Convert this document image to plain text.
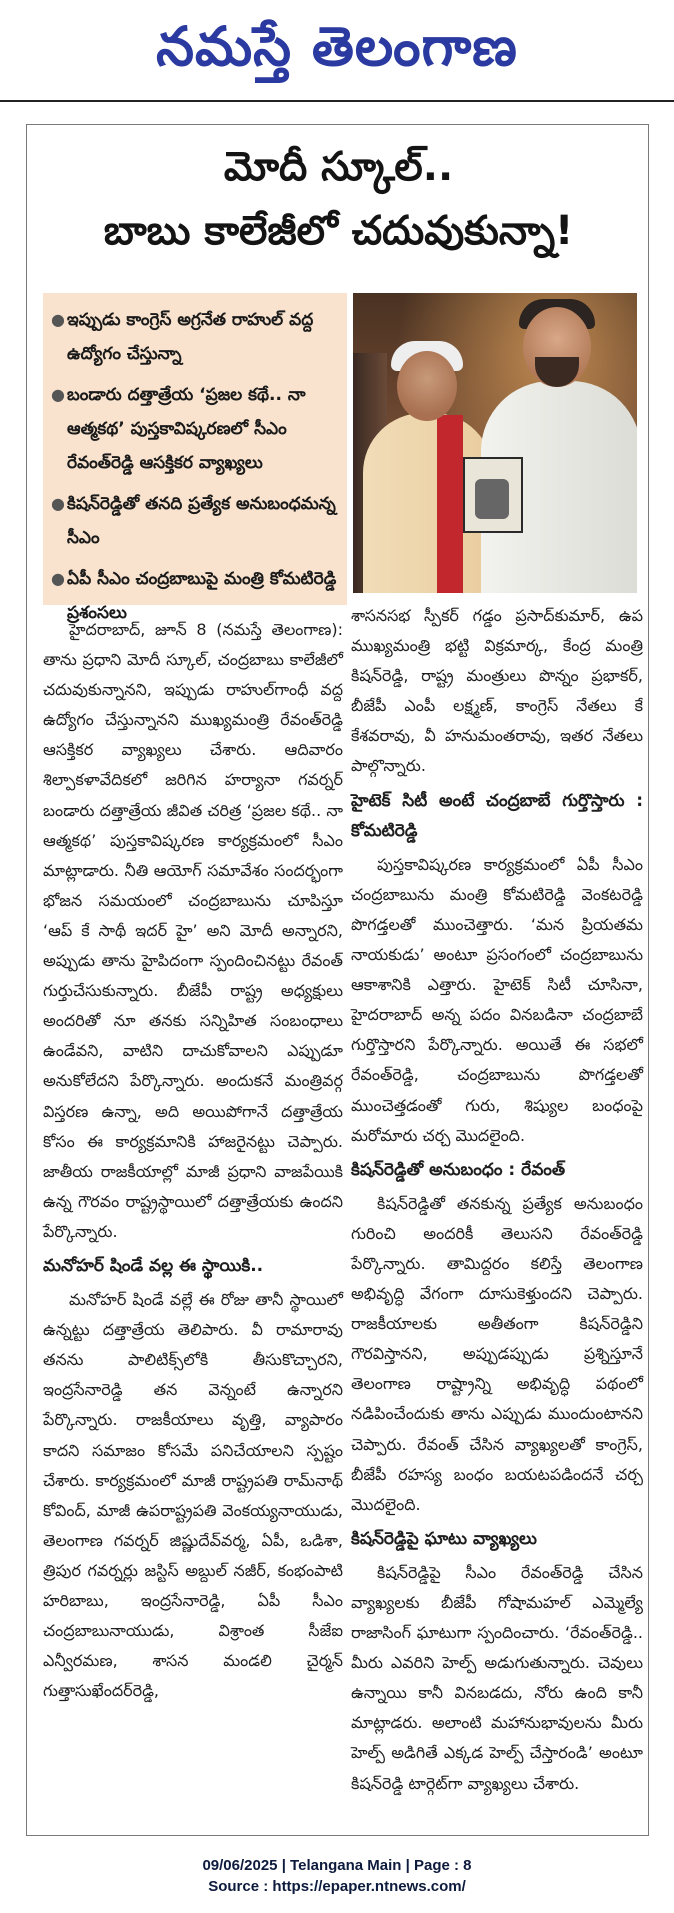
నమస్తే తెలంగాణ
మోదీ స్కూల్..
బాబు కాలేజీలో చదువుకున్నా!
● ఇప్పుడు కాంగ్రెస్ అగ్రనేత రాహుల్ వద్ద ఉద్యోగం చేస్తున్నా
● బండారు దత్తాత్రేయ ‘ప్రజల కథే.. నా ఆత్మకథ’ పుస్తకావిష్కరణలో సీఎం రేవంత్‌రెడ్డి ఆసక్తికర వ్యాఖ్యలు
● కిషన్‌రెడ్డితో తనది ప్రత్యేక అనుబంధమన్న సీఎం
● ఏపీ సీఎం చంద్రబాబుపై మంత్రి కోమటిరెడ్డి ప్రశంసలు

హైదరాబాద్, జూన్ 8 (నమస్తే తెలంగాణ): తాను ప్రధాని మోదీ స్కూల్, చంద్రబాబు కాలేజీలో చదువుకున్నానని, ఇప్పుడు రాహుల్‌గాంధీ వద్ద ఉద్యోగం చేస్తున్నానని ముఖ్యమంత్రి రేవంత్‌రెడ్డి ఆసక్తికర వ్యాఖ్యలు చేశారు. ఆదివారం శిల్పాకళావేదికలో జరిగిన హర్యానా గవర్నర్ బండారు దత్తాత్రేయ జీవిత చరిత్ర ‘ప్రజల కథే.. నా ఆత్మకథ’ పుస్తకావిష్కరణ కార్యక్రమంలో సీఎం మాట్లాడారు. నీతి ఆయోగ్ సమావేశం సందర్భంగా భోజన సమయంలో చంద్రబాబును చూపిస్తూ ‘ఆప్ కే సాథీ ఇదర్ హై’ అని మోదీ అన్నారని, అప్పుడు తాను హైపిదంగా స్పందించినట్టు రేవంత్ గుర్తుచేసుకున్నారు. బీజేపీ రాష్ట్ర అధ్యక్షులు అందరితో నూ తనకు సన్నిహిత సంబంధాలు ఉండేవని, వాటిని దాచుకోవాలని ఎప్పుడూ అనుకోలేదని పేర్కొన్నారు. అందుకనే మంత్రివర్గ విస్తరణ ఉన్నా, అది అయిపోగానే దత్తాత్రేయ కోసం ఈ కార్యక్రమానికి హాజరైనట్టు చెప్పారు. జాతీయ రాజకీయాల్లో మాజీ ప్రధాని వాజపేయికి ఉన్న గౌరవం రాష్ట్రస్థాయిలో దత్తాత్రేయకు ఉందని పేర్కొన్నారు.

మనోహర్ షిండే వల్ల ఈ స్థాయికి..

మనోహర్ షిండే వల్లే ఈ రోజు తానీ స్థాయిలో ఉన్నట్టు దత్తాత్రేయ తెలిపారు. వీ రామారావు తనను పాలిటిక్స్‌లోకి తీసుకొచ్చారని, ఇంద్రసేనారెడ్డి తన వెన్నంటే ఉన్నారని పేర్కొన్నారు. రాజకీయాలు వృత్తి, వ్యాపారం కాదని సమాజం కోసమే పనిచేయాలని స్పష్టం చేశారు. కార్యక్రమంలో మాజీ రాష్ట్రపతి రామ్‌నాథ్ కోవింద్, మాజీ ఉపరాష్ట్రపతి వెంకయ్యనాయుడు, తెలంగాణ గవర్నర్ జిష్ణుదేవ్‌వర్మ, ఏపీ, ఒడిశా, త్రిపుర గవర్నర్లు జస్టిస్ అబ్దుల్ నజీర్, కంభంపాటి హరిబాబు, ఇంద్రసేనారెడ్డి, ఏపీ సీఎం చంద్రబాబునాయుడు, విశ్రాంత సీజేఐ ఎన్వీరమణ, శాసన మండలి చైర్మన్ గుత్తాసుఖేందర్‌రెడ్డి,

శాసనసభ స్పీకర్ గడ్డం ప్రసాద్‌కుమార్, ఉప ముఖ్యమంత్రి భట్టి విక్రమార్క, కేంద్ర మంత్రి కిషన్‌రెడ్డి, రాష్ట్ర మంత్రులు పొన్నం ప్రభాకర్, బీజేపీ ఎంపీ లక్ష్మణ్, కాంగ్రెస్ నేతలు కే కేశవరావు, వీ హనుమంతరావు, ఇతర నేతలు పాల్గొన్నారు.

హైటెక్ సిటీ అంటే చంద్రబాబే గుర్తొస్తారు : కోమటిరెడ్డి

పుస్తకావిష్కరణ కార్యక్రమంలో ఏపీ సీఎం చంద్రబాబును మంత్రి కోమటిరెడ్డి వెంకటరెడ్డి పొగడ్తలతో ముంచెత్తారు. ‘మన ప్రియతమ నాయకుడు’ అంటూ ప్రసంగంలో చంద్రబాబును ఆకాశానికి ఎత్తారు. హైటెక్ సిటీ చూసినా, హైదరాబాద్ అన్న పదం వినబడినా చంద్రబాబే గుర్తొస్తారని పేర్కొన్నారు. అయితే ఈ సభలో రేవంత్‌రెడ్డి, చంద్రబాబును పొగడ్తలతో ముంచెత్తడంతో గురు, శిష్యుల బంధంపై మరోమారు చర్చ మొదలైంది.

కిషన్‌రెడ్డితో అనుబంధం : రేవంత్

కిషన్‌రెడ్డితో తనకున్న ప్రత్యేక అనుబంధం గురించి అందరికీ తెలుసని రేవంత్‌రెడ్డి పేర్కొన్నారు. తామిద్దరం కలిస్తే తెలంగాణ అభివృద్ధి వేగంగా దూసుకెళ్తుందని చెప్పారు. రాజకీయాలకు అతీతంగా కిషన్‌రెడ్డిని గౌరవిస్తానని, అప్పుడప్పుడు ప్రశ్నిస్తూనే తెలంగాణ రాష్ట్రాన్ని అభివృద్ధి పథంలో నడిపించేందుకు తాను ఎప్పుడు ముందుంటానని చెప్పారు. రేవంత్ చేసిన వ్యాఖ్యలతో కాంగ్రెస్, బీజేపీ రహస్య బంధం బయటపడిందనే చర్చ మొదలైంది.

కిషన్‌రెడ్డిపై ఘాటు వ్యాఖ్యలు

కిషన్‌రెడ్డిపై సీఎం రేవంత్‌రెడ్డి చేసిన వ్యాఖ్యలకు బీజేపీ గోషామహల్ ఎమ్మెల్యే రాజాసింగ్ ఘాటుగా స్పందించారు. ‘రేవంత్‌రెడ్డి.. మీరు ఎవరిని హెల్ప్ అడుగుతున్నారు. చెవులు ఉన్నాయి కానీ వినబడదు, నోరు ఉంది కానీ మాట్లాడరు. అలాంటి మహానుభావులను మీరు హెల్ప్ అడిగితే ఎక్కడ హెల్ప్ చేస్తారండి’ అంటూ కిషన్‌రెడ్డి టార్గెట్‌గా వ్యాఖ్యలు చేశారు.

09/06/2025 | Telangana Main | Page : 8
Source : https://epaper.ntnews.com/
